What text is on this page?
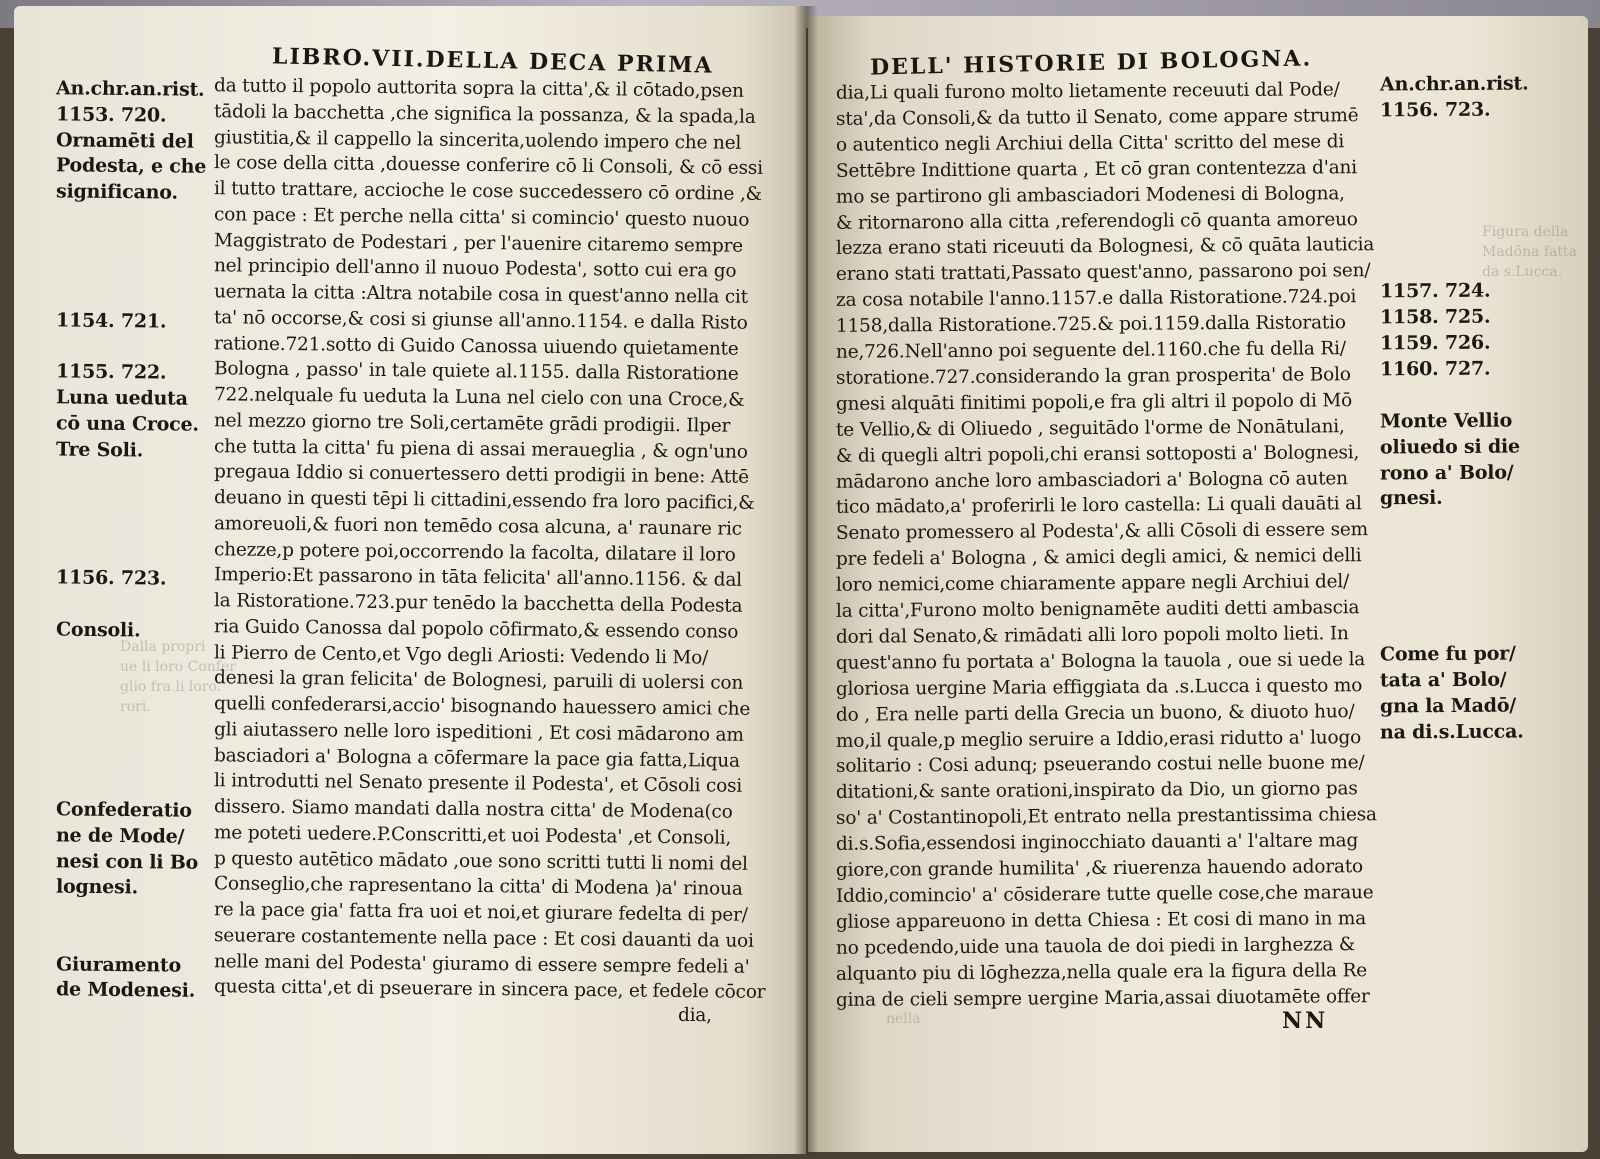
LIBRO.VII.DELLA DECA PRIMA	DELL' HISTORIE DI BOLOGNA.
da tutto il popolo auttorita sopra la citta',& il cōtado,psen
tādoli la bacchetta ,che significa la possanza, & la spada,la
giustitia,& il cappello la sincerita,uolendo impero che nel
le cose della citta ,douesse conferire cō li Consoli, & cō essi
il tutto trattare, accioche le cose succedessero cō ordine ,&
con pace : Et perche nella citta' si comincio' questo nuouo
Maggistrato de Podestari , per l'auenire citaremo sempre
nel principio dell'anno il nuouo Podesta', sotto cui era go
uernata la citta :Altra notabile cosa in quest'anno nella cit
ta' nō occorse,& cosi si giunse all'anno.1154. e dalla Risto
ratione.721.sotto di Guido Canossa uiuendo quietamente
Bologna , passo' in tale quiete al.1155. dalla Ristoratione
722.nelquale fu ueduta la Luna nel cielo con una Croce,&
nel mezzo giorno tre Soli,certamēte grādi prodigii. Ilper
che tutta la citta' fu piena di assai meraueglia , & ogn'uno
pregaua Iddio si conuertessero detti prodigii in bene: Attē
deuano in questi tēpi li cittadini,essendo fra loro pacifici,&
amoreuoli,& fuori non temēdo cosa alcuna, a' raunare ric
chezze,p potere poi,occorrendo la facolta, dilatare il loro
Imperio:Et passarono in tāta felicita' all'anno.1156. & dal
la Ristoratione.723.pur tenēdo la bacchetta della Podesta
ria Guido Canossa dal popolo cōfirmato,& essendo conso
li Pierro de Cento,et Vgo degli Ariosti: Vedendo li Mo/
denesi la gran felicita' de Bolognesi, paruili di uolersi con
quelli confederarsi,accio' bisognando hauessero amici che
gli aiutassero nelle loro ispeditioni , Et cosi mādarono am
basciadori a' Bologna a cōfermare la pace gia fatta,Liqua
li introdutti nel Senato presente il Podesta', et Cōsoli cosi
dissero. Siamo mandati dalla nostra citta' de Modena(co
me poteti uedere.P.Conscritti,et uoi Podesta' ,et Consoli,
p questo autētico mādato ,oue sono scritti tutti li nomi del
Conseglio,che rapresentano la citta' di Modena )a' rinoua
re la pace gia' fatta fra uoi et noi,et giurare fedelta di per/
seuerare costantemente nella pace : Et cosi dauanti da uoi
nelle mani del Podesta' giuramo di essere sempre fedeli a'
questa citta',et di pseuerare in sincera pace, et fedele cōcor
dia,
An.chr.an.rist.
1153. 720.
Ornamēti del
Podesta, e che
significano.
1154. 721.
1155. 722.
Luna ueduta
cō una Croce.
Tre Soli.
1156. 723.
Consoli.
Confederatio
ne de Mode/
nesi con li Bo
lognesi.
Giuramento
de Modenesi.
dia,Li quali furono molto lietamente receuuti dal Pode/
sta',da Consoli,& da tutto il Senato, come appare strumē
o autentico negli Archiui della Citta' scritto del mese di
Settēbre Indittione quarta , Et cō gran contentezza d'ani
mo se partirono gli ambasciadori Modenesi di Bologna,
& ritornarono alla citta ,referendogli cō quanta amoreuo
lezza erano stati riceuuti da Bolognesi, & cō quāta lauticia
erano stati trattati,Passato quest'anno, passarono poi sen/
za cosa notabile l'anno.1157.e dalla Ristoratione.724.poi
1158,dalla Ristoratione.725.& poi.1159.dalla Ristoratio
ne,726.Nell'anno poi seguente del.1160.che fu della Ri/
storatione.727.considerando la gran prosperita' de Bolo
gnesi alquāti finitimi popoli,e fra gli altri il popolo di Mō
te Vellio,& di Oliuedo , seguitādo l'orme de Nonātulani,
& di quegli altri popoli,chi eransi sottoposti a' Bolognesi,
mādarono anche loro ambasciadori a' Bologna cō auten
tico mādato,a' proferirli le loro castella: Li quali dauāti al
Senato promessero al Podesta',& alli Cōsoli di essere sem
pre fedeli a' Bologna , & amici degli amici, & nemici delli
loro nemici,come chiaramente appare negli Archiui del/
la citta',Furono molto benignamēte auditi detti ambascia
dori dal Senato,& rimādati alli loro popoli molto lieti. In
quest'anno fu portata a' Bologna la tauola , oue si uede la
gloriosa uergine Maria effiggiata da .s.Lucca i questo mo
do , Era nelle parti della Grecia un buono, & diuoto huo/
mo,il quale,p meglio seruire a Iddio,erasi ridutto a' luogo
solitario : Cosi adunq; pseuerando costui nelle buone me/
ditationi,& sante orationi,inspirato da Dio, un giorno pas
so' a' Costantinopoli,Et entrato nella prestantissima chiesa
di.s.Sofia,essendosi inginocchiato dauanti a' l'altare mag
giore,con grande humilita' ,& riuerenza hauendo adorato
Iddio,comincio' a' cōsiderare tutte quelle cose,che maraue
gliose appareuono in detta Chiesa : Et cosi di mano in ma
no pcedendo,uide una tauola de doi piedi in larghezza &
alquanto piu di lōghezza,nella quale era la figura della Re
gina de cieli sempre uergine Maria,assai diuotamēte offer
An.chr.an.rist.
1156. 723.
1157. 724.
1158. 725.
1159. 726.
1160. 727.
Monte Vellio
oliuedo si die
rono a' Bolo/
gnesi.
Come fu por/
tata a' Bolo/
gna la Madō/
na di.s.Lucca.
Figura della
Madōna fatta
da s.Lucca.
nella
Dalla propri
ue li loro Confer
glio fra li loro.
rori.
NN
